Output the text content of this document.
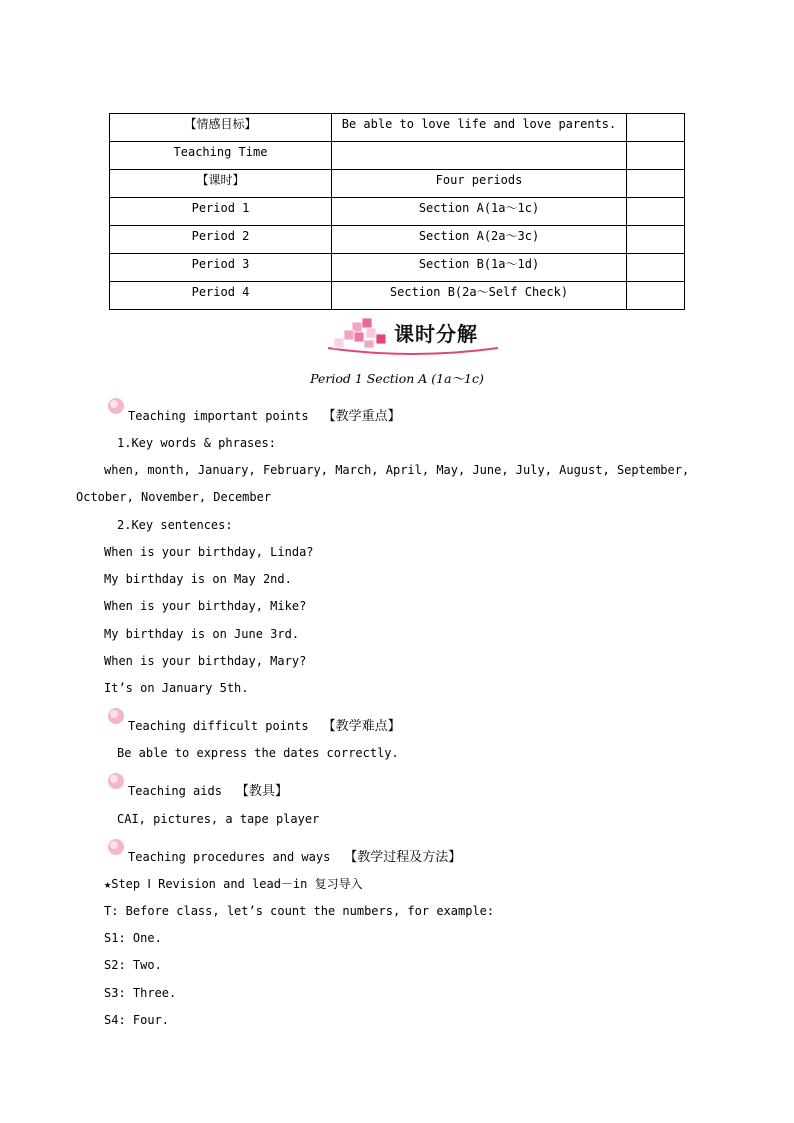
【情感目标】	Be able to love life and love parents.	
Teaching Time		
【课时】	Four periods	
Period 1	Section A(1a～1c)	
Period 2	Section A(2a～3c)	
Period 3	Section B(1a～1d)	
Period 4	Section B(2a～Self Check)	
课时分解
Period 1 Section A (1a～1c)
Teaching important points 【教学重点】
1.Key words & phrases:
when, month, January, February, March, April, May, June, July, August, September,
October, November, December
2.Key sentences:
When is your birthday, Linda?
My birthday is on May 2nd.
When is your birthday, Mike?
My birthday is on June 3rd.
When is your birthday, Mary?
It’s on January 5th.
Teaching difficult points 【教学难点】
Be able to express the dates correctly.
Teaching aids 【教具】
CAI, pictures, a tape player
Teaching procedures and ways 【教学过程及方法】
★Step Ⅰ Revision and lead－in 复习导入
T: Before class, let’s count the numbers, for example:
S1: One.
S2: Two.
S3: Three.
S4: Four.
